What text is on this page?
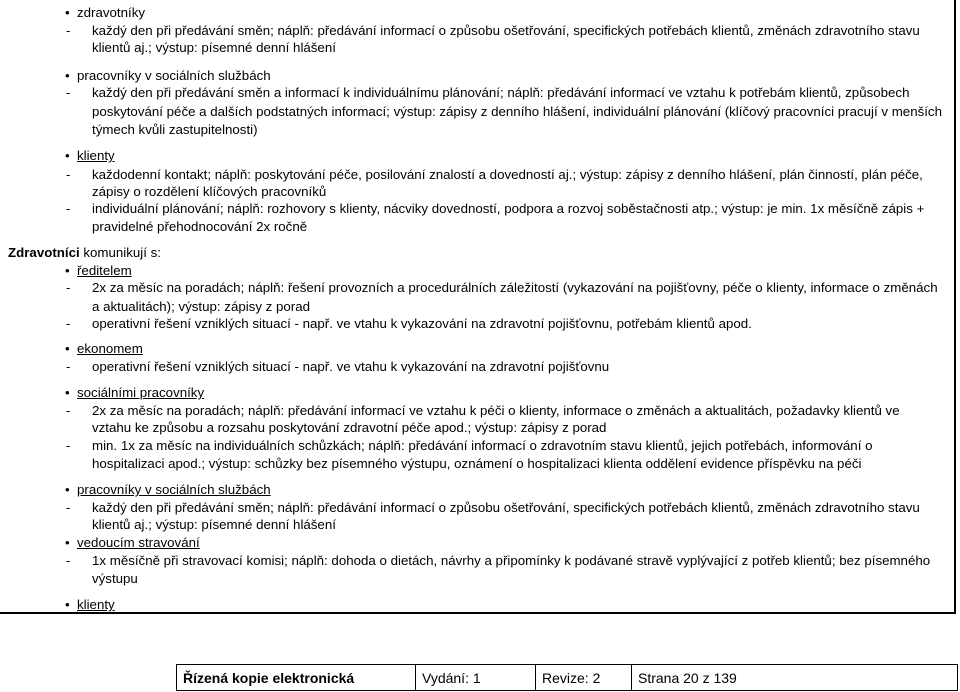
• zdravotníky
- každý den při předávání směn; náplň: předávání informací o způsobu ošetřování, specifických potřebách klientů, změnách zdravotního stavu
klientů aj.; výstup: písemné denní hlášení
• pracovníky v sociálních službách
- každý den při předávání směn a informací k individuálnímu plánování; náplň: předávání informací ve vztahu k potřebám klientů, způsobech
poskytování péče a dalších podstatných informací; výstup: zápisy z denního hlášení, individuální plánování (klíčový pracovníci pracují v menších
týmech kvůli zastupitelnosti)
• klienty
- každodenní kontakt; náplň: poskytování péče, posilování znalostí a dovedností aj.; výstup: zápisy z denního hlášení, plán činností, plán péče,
zápisy o rozdělení klíčových pracovníků
- individuální plánování; náplň: rozhovory s klienty, nácviky dovedností, podpora a rozvoj soběstačnosti atp.; výstup: je min. 1x měsíčně zápis +
pravidelné přehodnocování 2x ročně
Zdravotníci komunikují s:
• ředitelem
- 2x za měsíc na poradách; náplň: řešení provozních a procedurálních záležitostí (vykazování na pojišťovny, péče o klienty, informace o změnách
a aktualitách); výstup: zápisy z porad
- operativní řešení vzniklých situací - např. ve vtahu k vykazování na zdravotní pojišťovnu, potřebám klientů apod.
• ekonomem
- operativní řešení vzniklých situací - např. ve vtahu k vykazování na zdravotní pojišťovnu
• sociálními pracovníky
- 2x za měsíc na poradách; náplň: předávání informací ve vztahu k péči o klienty, informace o změnách a aktualitách, požadavky klientů ve
vztahu ke způsobu a rozsahu poskytování zdravotní péče apod.; výstup: zápisy z porad
- min. 1x za měsíc na individuálních schůzkách; náplň: předávání informací o zdravotním stavu klientů, jejich potřebách, informování o
hospitalizaci apod.; výstup: schůzky bez písemného výstupu, oznámení o hospitalizaci klienta oddělení evidence příspěvku na péči
• pracovníky v sociálních službách
- každý den při předávání směn; náplň: předávání informací o způsobu ošetřování, specifických potřebách klientů, změnách zdravotního stavu
klientů aj.; výstup: písemné denní hlášení
• vedoucím stravování
- 1x měsíčně při stravovací komisi; náplň: dohoda o dietách, návrhy a připomínky k podávané stravě vyplývající z potřeb klientů; bez písemného
výstupu
• klienty
Řízená kopie elektronická	Vydání: 1	Revize: 2	Strana 20 z 139
